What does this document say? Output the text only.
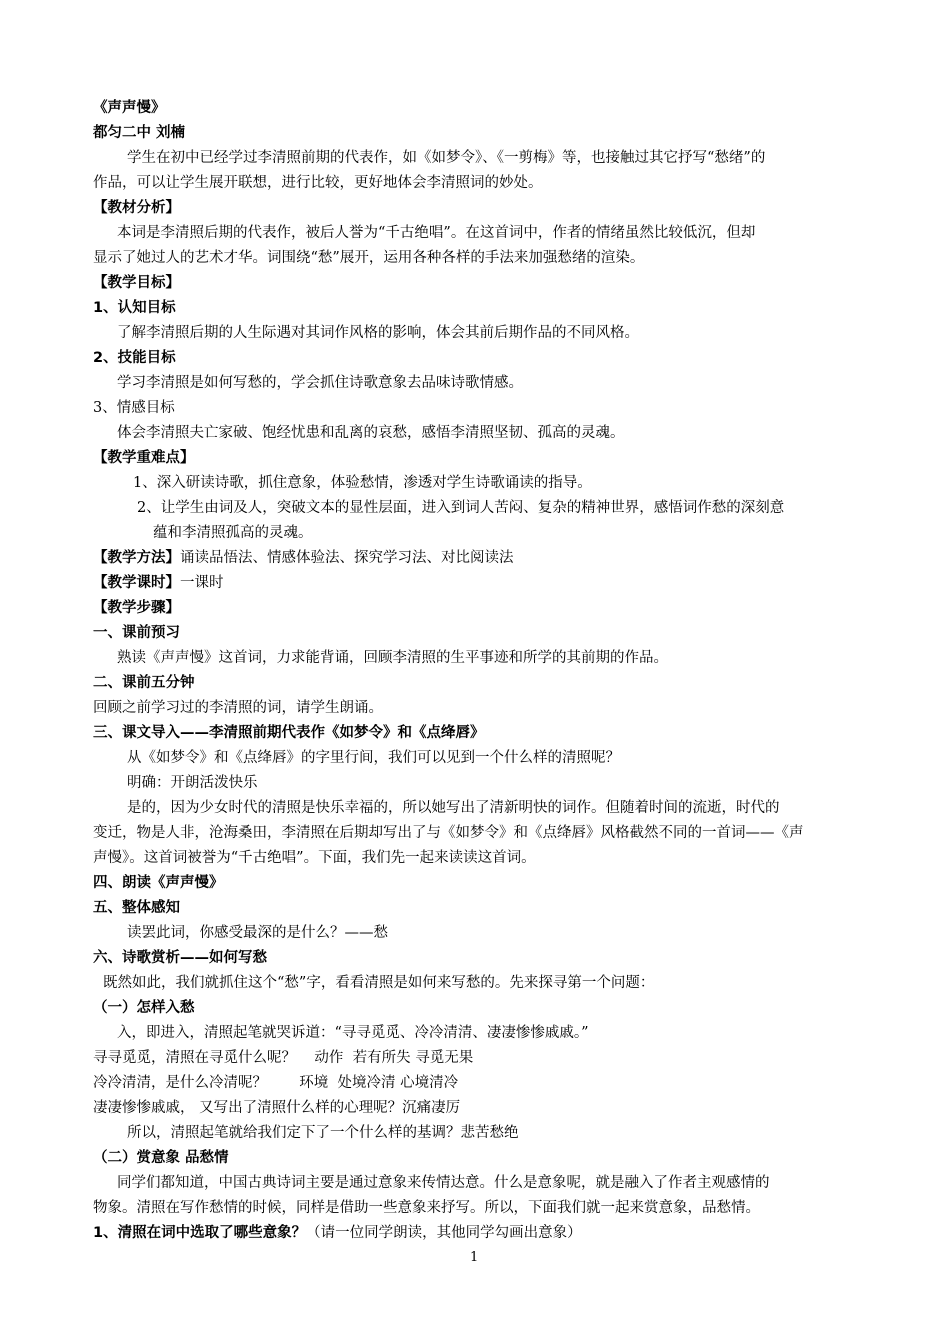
《声声慢》
都匀二中 刘楠
学生在初中已经学过李清照前期的代表作，如《如梦令》、《一剪梅》等，也接触过其它抒写“愁绪”的
作品，可以让学生展开联想，进行比较，更好地体会李清照词的妙处。
【教材分析】
本词是李清照后期的代表作，被后人誉为“千古绝唱”。在这首词中，作者的情绪虽然比较低沉，但却
显示了她过人的艺术才华。词围绕“愁”展开，运用各种各样的手法来加强愁绪的渲染。
【教学目标】
1、认知目标
了解李清照后期的人生际遇对其词作风格的影响，体会其前后期作品的不同风格。
2、技能目标
学习李清照是如何写愁的，学会抓住诗歌意象去品味诗歌情感。
3、情感目标
体会李清照夫亡家破、饱经忧患和乱离的哀愁，感悟李清照坚韧、孤高的灵魂。
【教学重难点】
1、深入研读诗歌，抓住意象，体验愁情，渗透对学生诗歌诵读的指导。
2、让学生由词及人，突破文本的显性层面，进入到词人苦闷、复杂的精神世界，感悟词作愁的深刻意
蕴和李清照孤高的灵魂。
【教学方法】诵读品悟法、情感体验法、探究学习法、对比阅读法
【教学课时】一课时
【教学步骤】
一、课前预习
熟读《声声慢》这首词，力求能背诵，回顾李清照的生平事迹和所学的其前期的作品。
二、课前五分钟
回顾之前学习过的李清照的词，请学生朗诵。
三、课文导入——李清照前期代表作《如梦令》和《点绛唇》
从《如梦令》和《点绛唇》的字里行间，我们可以见到一个什么样的清照呢？
明确：开朗活泼快乐
是的，因为少女时代的清照是快乐幸福的，所以她写出了清新明快的词作。但随着时间的流逝，时代的
变迁，物是人非，沧海桑田，李清照在后期却写出了与《如梦令》和《点绛唇》风格截然不同的一首词——《声
声慢》。这首词被誉为“千古绝唱”。下面，我们先一起来读读这首词。
四、朗读《声声慢》
五、整体感知
读罢此词，你感受最深的是什么？——愁
六、诗歌赏析——如何写愁
既然如此，我们就抓住这个“愁”字，看看清照是如何来写愁的。先来探寻第一个问题：
（一）怎样入愁
入，即进入，清照起笔就哭诉道：“寻寻觅觅、冷冷清清、凄凄惨惨戚戚。”
寻寻觅觅，清照在寻觅什么呢？    动作  若有所失 寻觅无果
冷冷清清，是什么冷清呢？       环境  处境冷清 心境清冷
凄凄惨惨戚戚， 又写出了清照什么样的心理呢？沉痛凄厉
所以，清照起笔就给我们定下了一个什么样的基调？悲苦愁绝
（二）赏意象 品愁情
同学们都知道，中国古典诗词主要是通过意象来传情达意。什么是意象呢，就是融入了作者主观感情的
物象。清照在写作愁情的时候，同样是借助一些意象来抒写。所以，下面我们就一起来赏意象，品愁情。
1、清照在词中选取了哪些意象？（请一位同学朗读，其他同学勾画出意象）
1
